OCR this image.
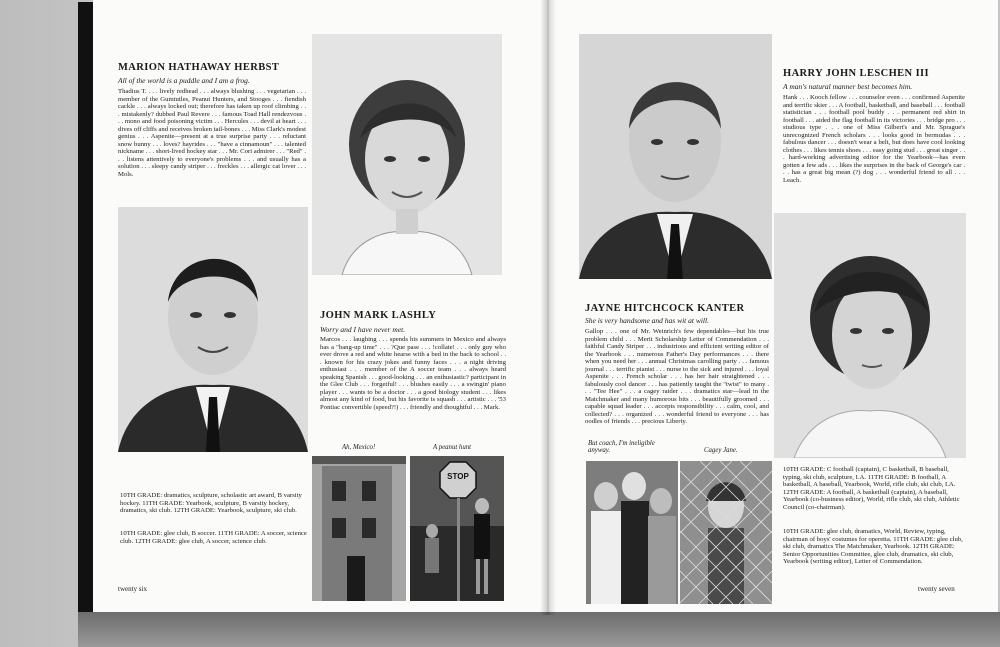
MARION HATHAWAY HERBST
All of the world is a puddle and I am a frog.
Thadius T. . . . lively redhead . . . always blushing . . . vegetarian . . . member of the Gumtutles, Peanut Hunters, and Stooges . . . fiendish cackle . . . always locked out; therefore has taken up roof climbing . . . mistakenly? dubbed Paul Revere . . . famous Toad Hall rendezvous . . . mono and food poisoning victim . . . Hercules . . . devil at heart . . . dives off cliffs and receives broken tail-bones . . . Miss Clark's modest genius . . . Aspenite—present at a true surprise party . . . reluctant snow bunny . . . loves? hayrides . . . "have a cinnamoun" . . . talented nickname . . . short-lived hockey star . . . Mr. Cori admirer . . . "Red" . . . listens attentively to everyone's problems . . . and usually has a solution . . . sleepy candy striper . . . freckles . . . allergic cat lover . . . Mols.
JOHN MARK LASHLY
Worry and I have never met.
Marcos . . . laughing . . . spends his summers in Mexico and always has a "bang-up time" . . . ?Que pase . . . !collate! . . . only guy who ever drove a red and white hearse with a bed in the back to school . . . known for his crazy jokes and funny faces . . . a night driving enthusiast . . . member of the A soccer team . . . always heard speaking Spanish . . . good-looking . . . an enthusiastic? participant in the Glee Club . . . forgetful! . . . blushes easily . . . a swingin' piano player . . . wants to be a doctor . . . a good biology student . . . likes almost any kind of food, but his favorite is squash . . . artistic . . . '53 Pontiac convertible (speed?!) . . . friendly and thoughtful . . . Mark.
Ah, Mexico!	A peanut hunt
STOP
10TH GRADE: dramatics, sculpture, scholastic art award, B varsity hockey. 11TH GRADE: Yearbook, sculpture, B varsity hockey, dramatics, ski club. 12TH GRADE: Yearbook, sculpture, ski club.
10TH GRADE: glee club, B soccer. 11TH GRADE: A soccer, science club. 12TH GRADE: glee club, A soccer, science club.
twenty six
HARRY JOHN LESCHEN III
A man's natural manner best becomes him.
Hank . . . Kooch fellow . . . counselor even . . . confirmed Aspenite and terrific skier . . . A football, basketball, and baseball . . . football statistician . . . football pool buddy . . . permanent red shirt in football . . . aided the flag football in its victories . . . bridge pro . . . studious type . . . one of Miss Gilbert's and Mr. Sprague's unrecognized French scholars . . . looks good in bermudas . . . fabulous dancer . . . doesn't wear a belt, but does have cool looking clothes . . . likes tennis shoes . . . easy going stud . . . great singer . . . hard-working advertising editor for the Yearbook—has even gotten a few ads . . . likes the surprises in the back of George's car . . . has a great big mean (?) dog . . . wonderful friend to all . . . Leach.
JAYNE HITCHCOCK KANTER
She is very handsome and has wit at will.
Gallop . . . one of Mr. Weinrich's few dependables—but his true problem child . . . Merit Scholarship Letter of Commendation . . . faithful Candy Striper . . . industrious and efficient writing editor of the Yearbook . . . numerous Father's Day performances . . . there when you need her . . . annual Christmas carolling party . . . famous journal . . . terrific pianist . . . nurse to the sick and injured . . . loyal Aspenite . . . French scholar . . . has her hair straightened . . . fabulously cool dancer . . . has patiently taught the "twist" to many . . . "Tee Hee" . . . a cagey raider . . . dramatics star—lead in the Matchmaker and many humorous bits . . . beautifully groomed . . . capable squad leader . . . accepts responsibility . . . calm, cool, and collected? . . . organized . . . wonderful friend to everyone . . . has oodles of friends . . . precious Liberty.
But coach, I'm ineligible anyway.	Cagey Jane.
10TH GRADE: C football (captain), C basketball, B baseball, typing, ski club, sculpture, I.A. 11TH GRADE: B football, A basketball, A baseball, Yearbook, World, rifle club, ski club, I.A. 12TH GRADE: A football, A basketball (captain), A baseball, Yearbook (co-business editor), World, rifle club, ski club, Athletic Council (co-chairman).
10TH GRADE: glee club, dramatics, World, Review, typing, chairman of boys' costumes for operetta. 11TH GRADE: glee club, ski club, dramatics The Matchmaker, Yearbook. 12TH GRADE: Senior Opportunities Committee, glee club, dramatics, ski club, Yearbook (writing editor), Letter of Commendation.
twenty seven
